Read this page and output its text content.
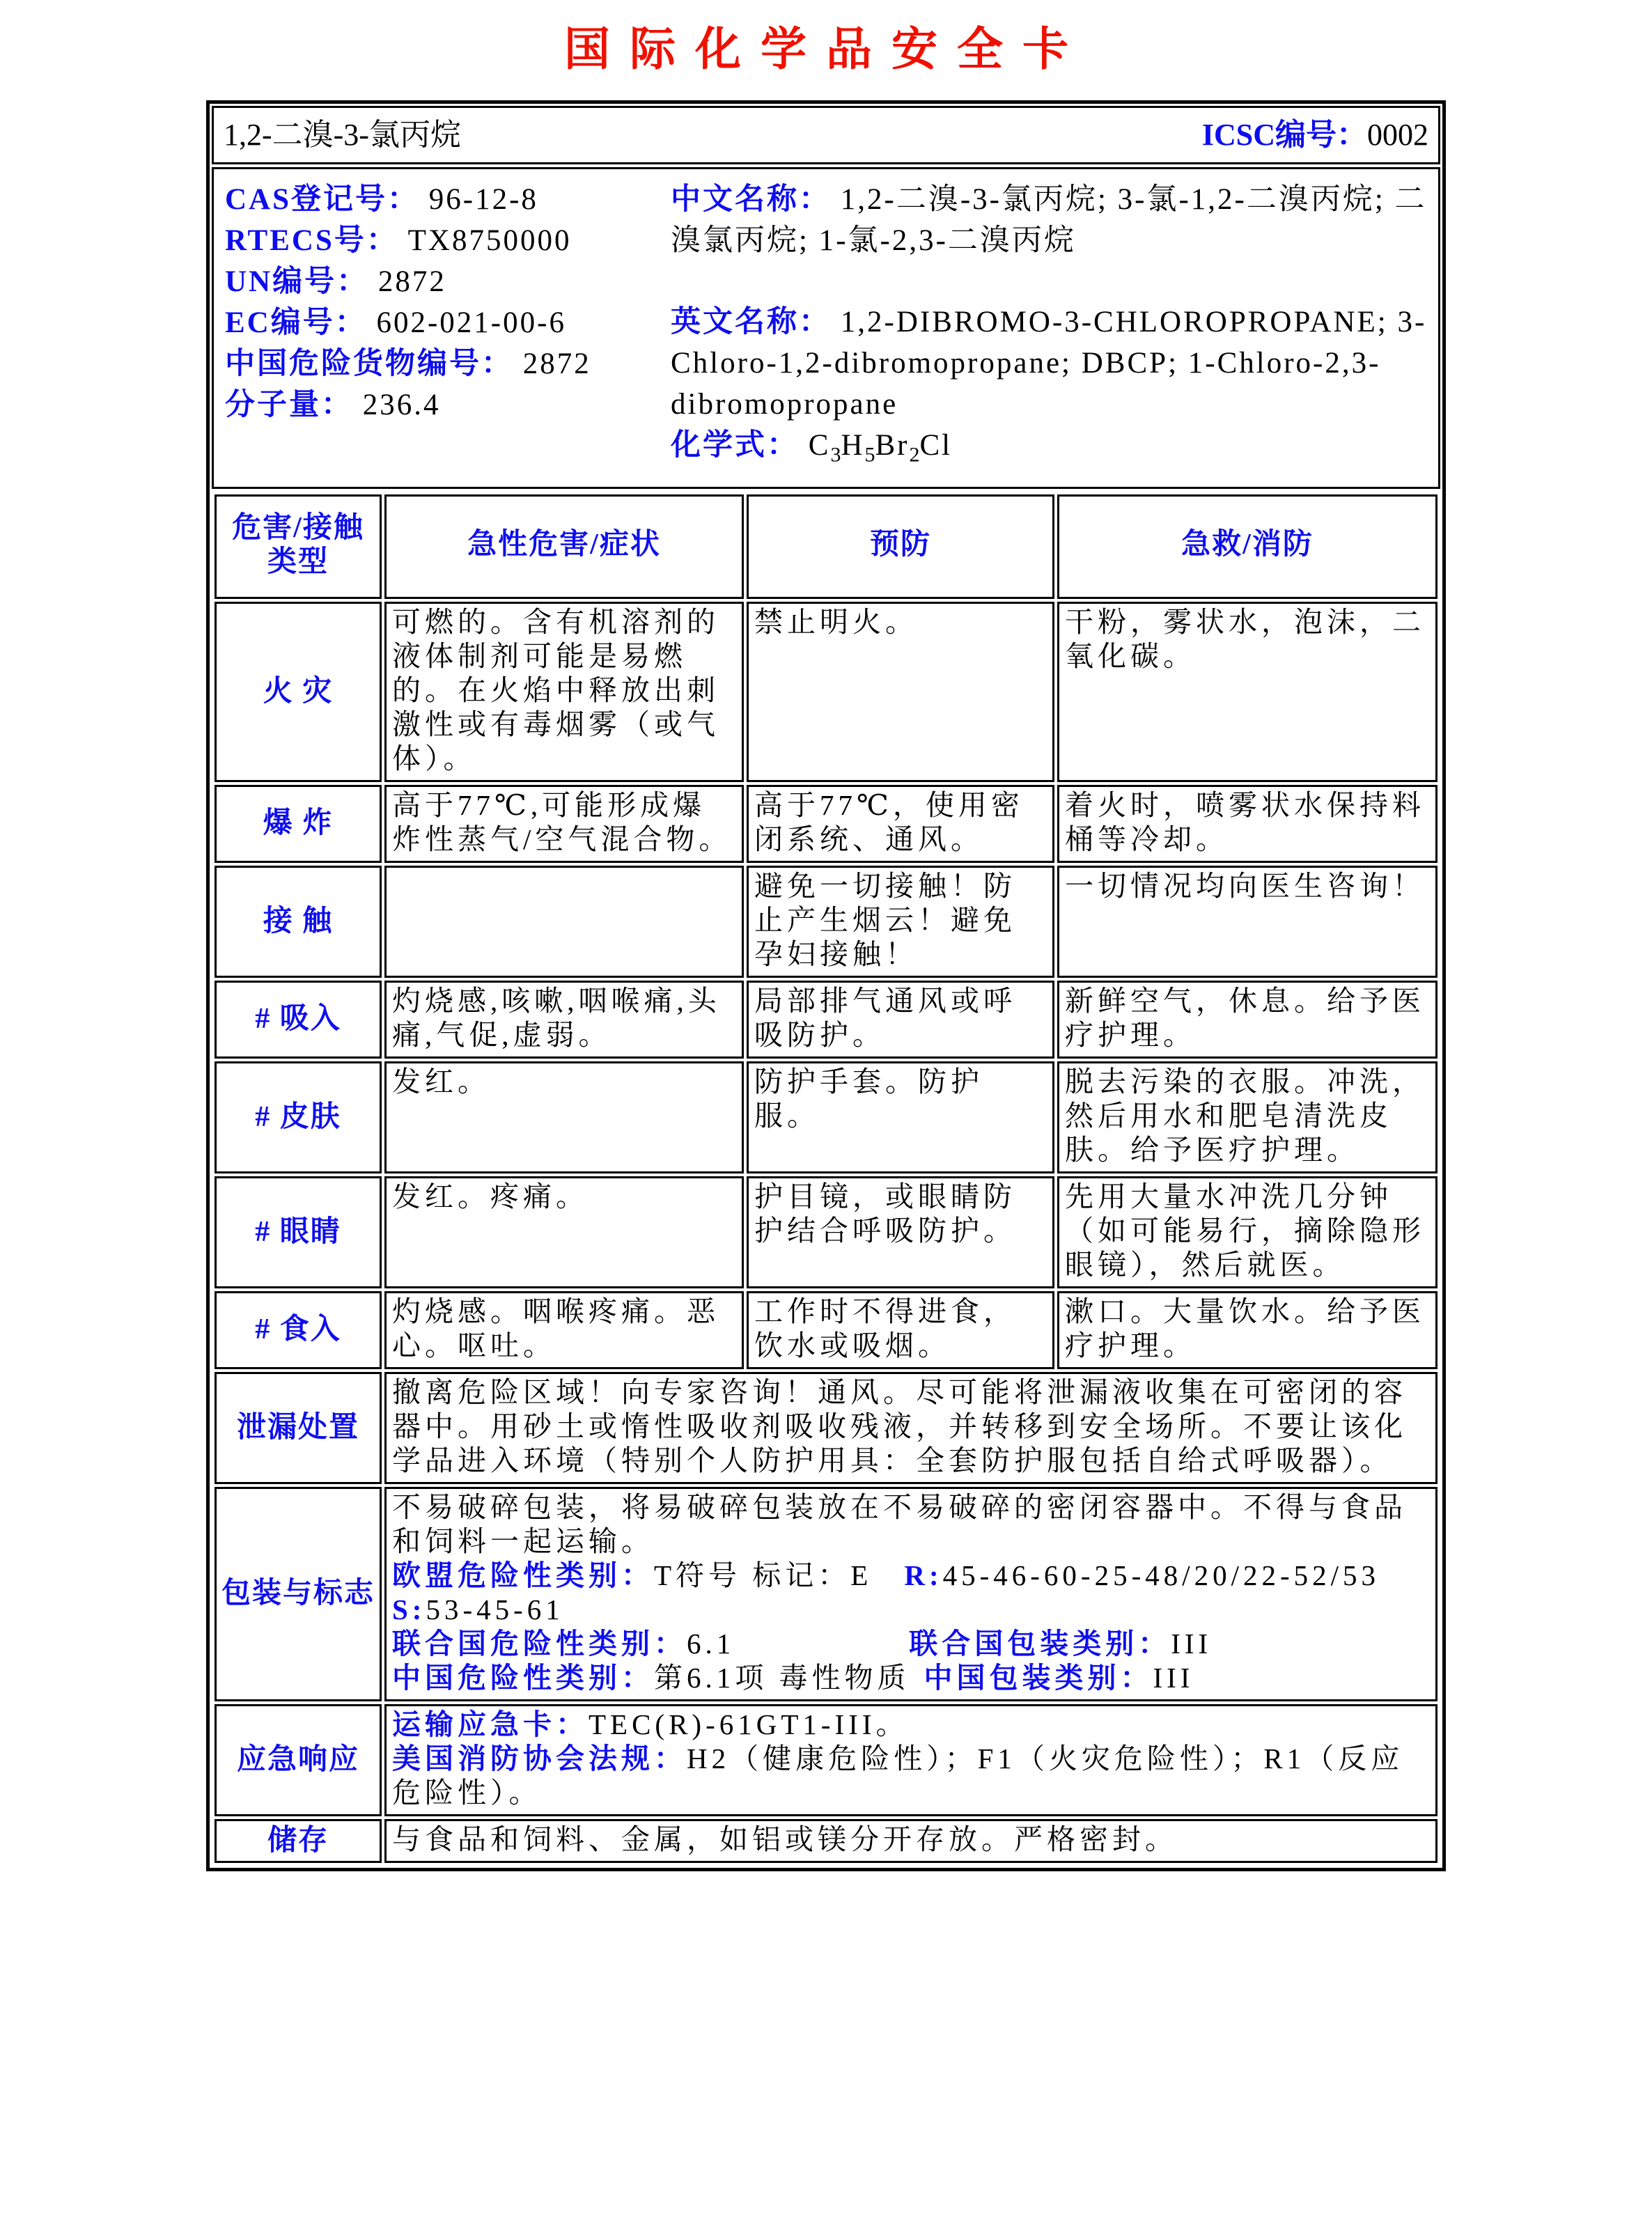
国际化学品安全卡
1,2-二溴-3-氯丙烷	ICSC编号：0002
CAS登记号： 96-12-8
RTECS号： TX8750000
UN编号： 2872
EC编号： 602-021-00-6
中国危险货物编号： 2872
分子量： 236.4
中文名称： 1,2-二溴-3-氯丙烷; 3-氯-1,2-二溴丙烷; 二溴氯丙烷; 1-氯-2,3-二溴丙烷
英文名称： 1,2-DIBROMO-3-CHLOROPROPANE; 3-Chloro-1,2-dibromopropane; DBCP; 1-Chloro-2,3-dibromopropane
化学式： $C_3H_5Br_2Cl$
危害/接触
类型	急性危害/症状	预防	急救/消防
火 灾	可燃的。含有机溶剂的液体制剂可能是易燃的。在火焰中释放出刺激性或有毒烟雾（或气体）。	禁止明火。	干粉，雾状水，泡沫，二氧化碳。
爆 炸	高于77℃,可能形成爆炸性蒸气/空气混合物。	高于77℃，使用密闭系统、通风。	着火时，喷雾状水保持料桶等冷却。
接 触		避免一切接触！防止产生烟云！避免孕妇接触！	一切情况均向医生咨询！
# 吸入	灼烧感,咳嗽,咽喉痛,头痛,气促,虚弱。	局部排气通风或呼吸防护。	新鲜空气，休息。给予医疗护理。
# 皮肤	发红。	防护手套。防护服。	脱去污染的衣服。冲洗，然后用水和肥皂清洗皮肤。给予医疗护理。
# 眼睛	发红。疼痛。	护目镜，或眼睛防护结合呼吸防护。	先用大量水冲洗几分钟（如可能易行，摘除隐形眼镜），然后就医。
# 食入	灼烧感。咽喉疼痛。恶心。呕吐。	工作时不得进食，饮水或吸烟。	漱口。大量饮水。给予医疗护理。
泄漏处置	撤离危险区域！向专家咨询！通风。尽可能将泄漏液收集在可密闭的容器中。用砂土或惰性吸收剂吸收残液，并转移到安全场所。不要让该化学品进入环境（特别个人防护用具：全套防护服包括自给式呼吸器）。		
包装与标志	不易破碎包装，将易破碎包装放在不易破碎的密闭容器中。不得与食品和饲料一起运输。
欧盟危险性类别：T符号 标记：E R:45-46-60-25-48/20/22-52/53
S:53-45-61
联合国危险性类别：6.1 联合国包装类别：III
中国危险性类别：第6.1项 毒性物质 中国包装类别：III		

应急响应	运输应急卡：TEC(R)-61GT1-III。
美国消防协会法规：H2（健康危险性）；F1（火灾危险性）；R1（反应危险性）。		

储存	与食品和饲料、金属，如铝或镁分开存放。严格密封。		
